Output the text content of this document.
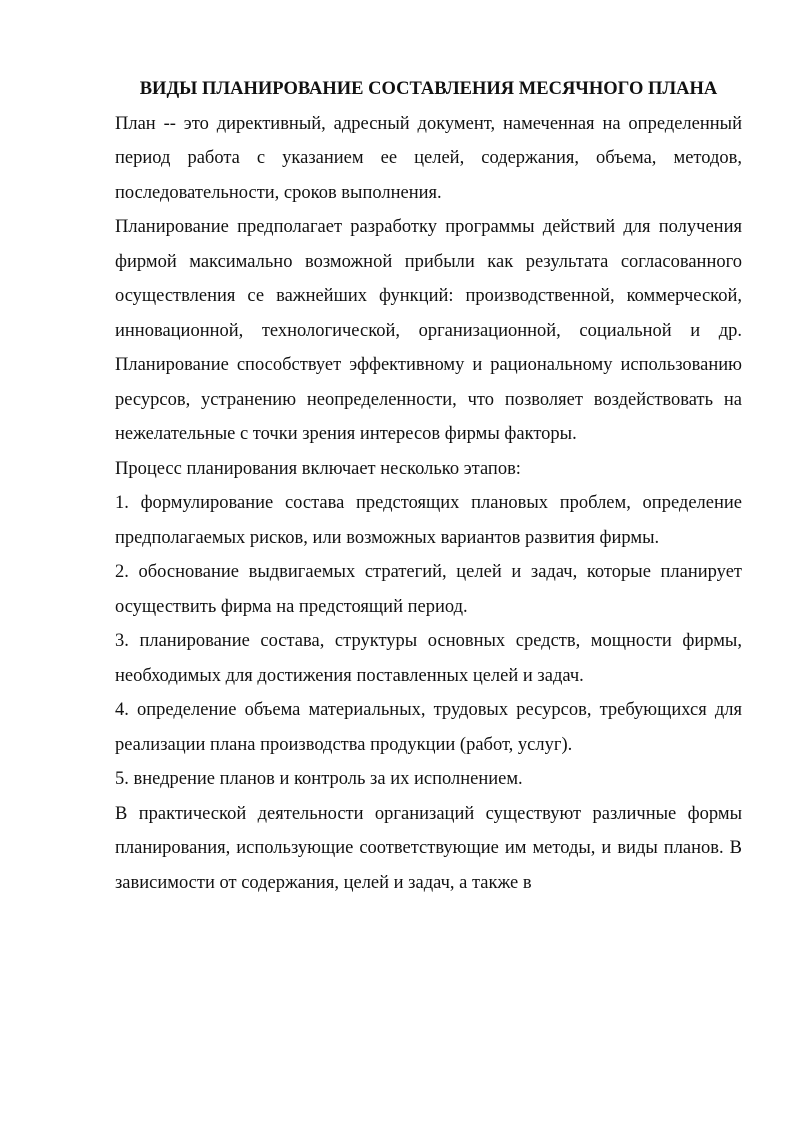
ВИДЫ ПЛАНИРОВАНИЕ СОСТАВЛЕНИЯ МЕСЯЧНОГО ПЛАНА

План -- это директивный, адресный документ, намеченная на определенный период работа с указанием ее целей, содержания, объема, методов, последовательности, сроков выполнения.

Планирование предполагает разработку программы действий для получения фирмой максимально возможной прибыли как результата согласованного осуществления се важнейших функций: производственной, коммерческой, инновационной, технологической, организационной, социальной и др. Планирование способствует эффективному и рациональному использованию ресурсов, устранению неопределенности, что позволяет воздействовать на нежелательные с точки зрения интересов фирмы факторы.

Процесс планирования включает несколько этапов:

1. формулирование состава предстоящих плановых проблем, определение предполагаемых рисков, или возможных вариантов развития фирмы.

2. обоснование выдвигаемых стратегий, целей и задач, которые планирует осуществить фирма на предстоящий период.

3. планирование состава, структуры основных средств, мощности фирмы, необходимых для достижения поставленных целей и задач.

4. определение объема материальных, трудовых ресурсов, требующихся для реализации плана производства продукции (работ, услуг).

5. внедрение планов и контроль за их исполнением.

В практической деятельности организаций существуют различные формы планирования, использующие соответствующие им методы, и виды планов. В зависимости от содержания, целей и задач, а также в
